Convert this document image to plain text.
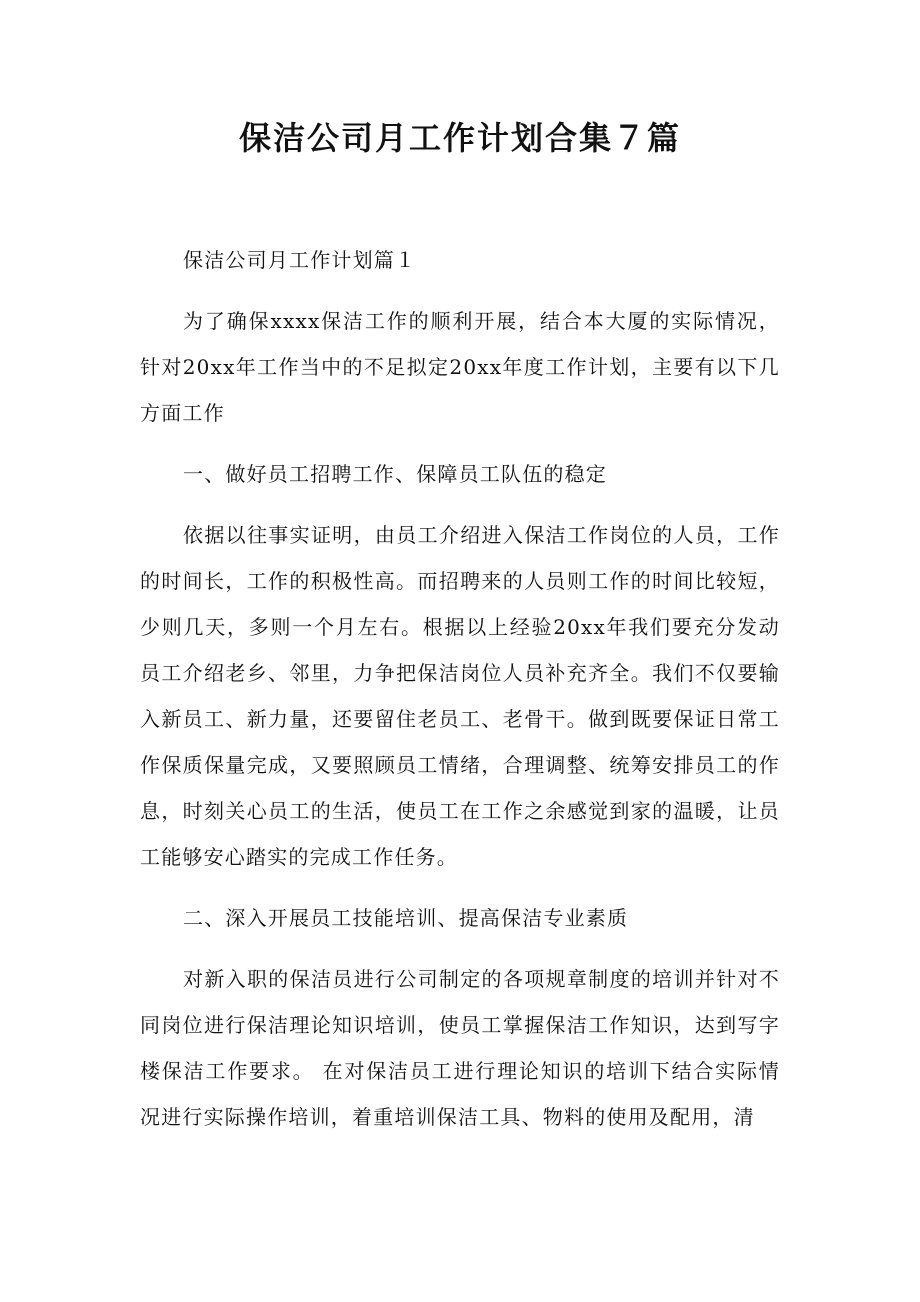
保洁公司月工作计划合集７篇

保洁公司月工作计划篇１

为了确保xxxx保洁工作的顺利开展，结合本大厦的实际情况，针对20xx年工作当中的不足拟定20xx年度工作计划，主要有以下几方面工作

一、做好员工招聘工作、保障员工队伍的稳定

依据以往事实证明，由员工介绍进入保洁工作岗位的人员，工作的时间长，工作的积极性高。而招聘来的人员则工作的时间比较短，少则几天，多则一个月左右。根据以上经验20xx年我们要充分发动员工介绍老乡、邻里，力争把保洁岗位人员补充齐全。我们不仅要输入新员工、新力量，还要留住老员工、老骨干。做到既要保证日常工作保质保量完成，又要照顾员工情绪，合理调整、统筹安排员工的作息，时刻关心员工的生活，使员工在工作之余感觉到家的温暖，让员工能够安心踏实的完成工作任务。

二、深入开展员工技能培训、提高保洁专业素质

对新入职的保洁员进行公司制定的各项规章制度的培训并针对不同岗位进行保洁理论知识培训，使员工掌握保洁工作知识，达到写字楼保洁工作要求。 在对保洁员工进行理论知识的培训下结合实际情况进行实际操作培训，着重培训保洁工具、物料的使用及配用，清
